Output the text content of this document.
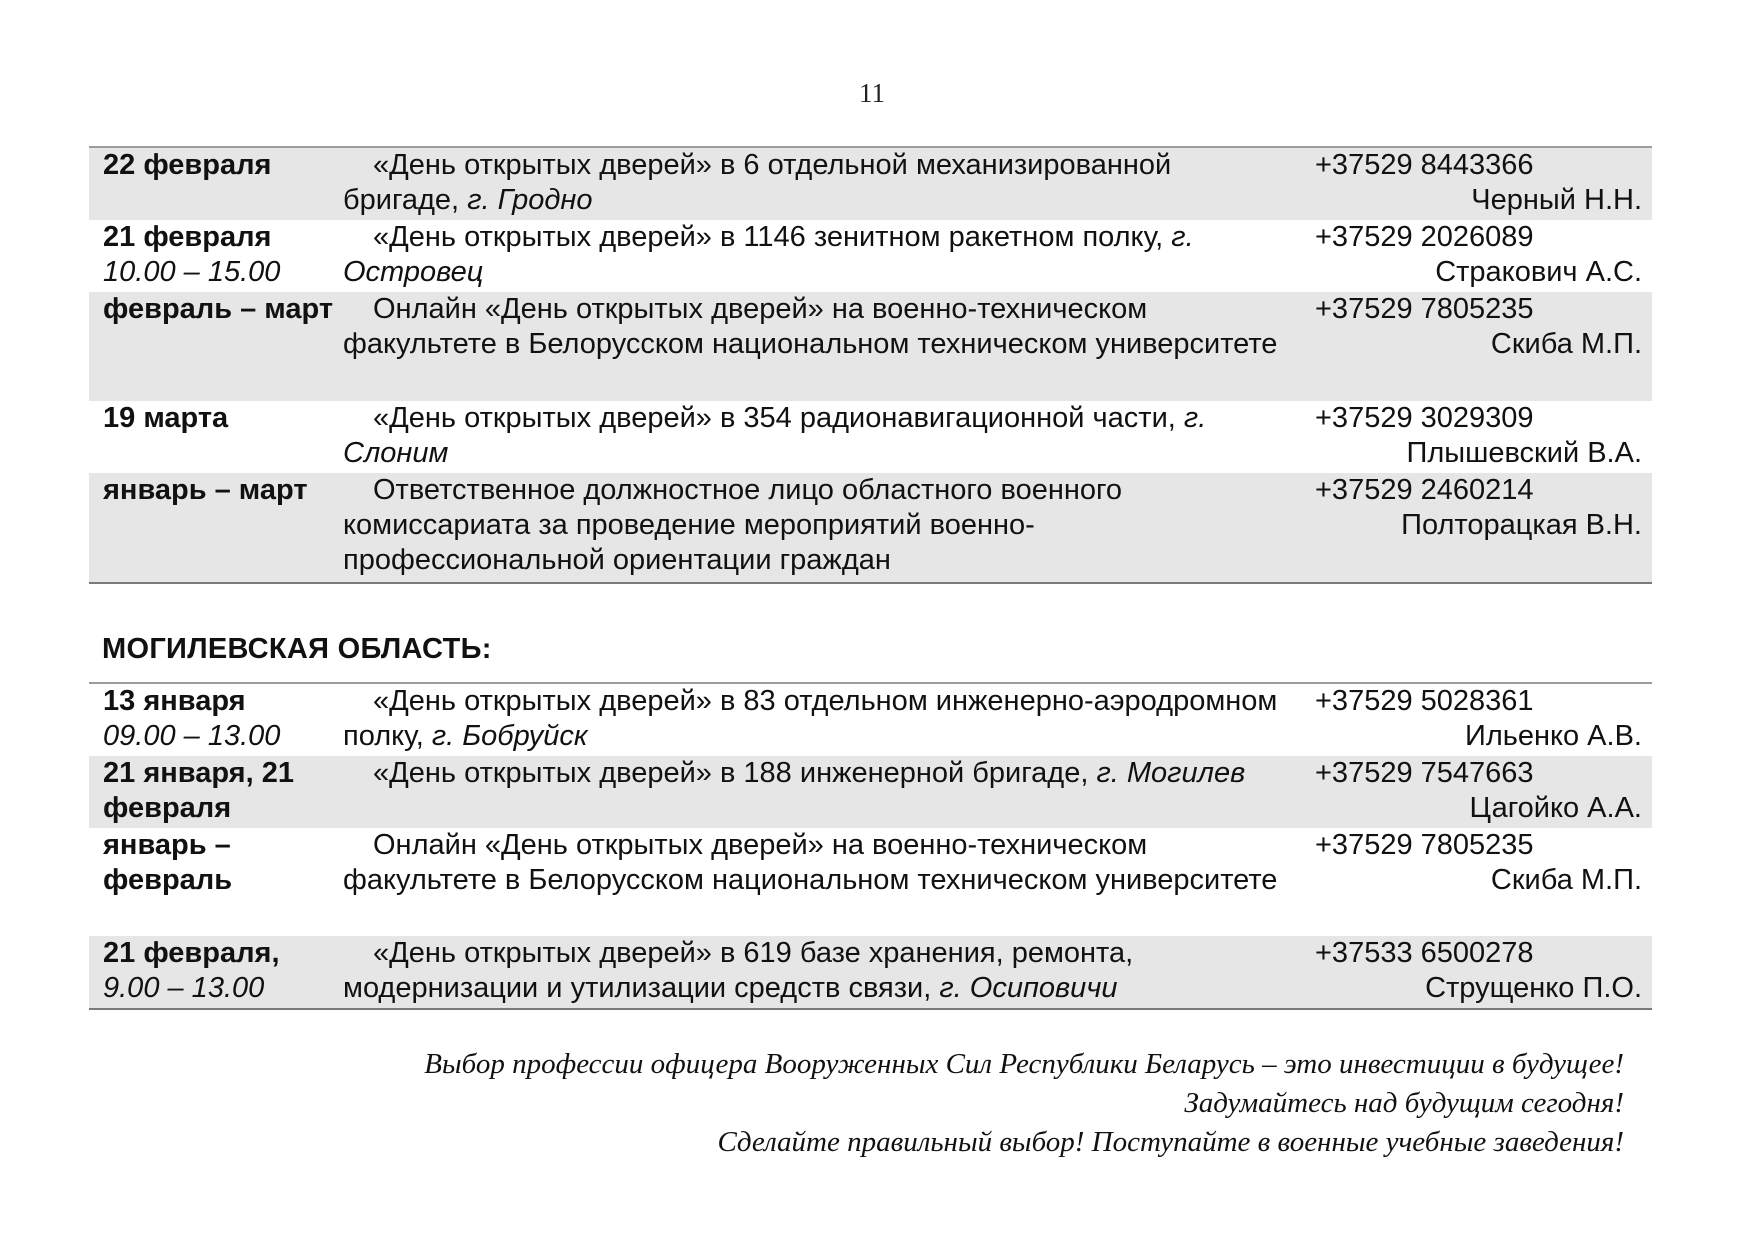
11
22 февраля	«День открытых дверей» в 6 отдельной механизированной бригаде, г. Гродно	+37529 8443366
Черный Н.Н.

21 февраля
10.00 – 15.00	«День открытых дверей» в 1146 зенитном ракетном полку, г. Островец	+37529 2026089
Стракович А.С.

февраль – март	Онлайн «День открытых дверей» на военно-техническом факультете в Белорусском национальном техническом университете	+37529 7805235
Скиба М.П.

19 марта	«День открытых дверей» в 354 радионавигационной части, г. Слоним	+37529 3029309
Плышевский В.А.

январь – март	Ответственное должностное лицо областного военного комиссариата за проведение мероприятий военно-профессиональной ориентации граждан	+37529 2460214
Полторацкая В.Н.
МОГИЛЕВСКАЯ ОБЛАСТЬ:
13 января
09.00 – 13.00	«День открытых дверей» в 83 отдельном инженерно-аэродромном полку, г. Бобруйск	+37529 5028361
Ильенко А.В.

21 января, 21 февраля	«День открытых дверей» в 188 инженерной бригаде, г. Могилев	+37529 7547663
Цагойко А.А.

январь – февраль	Онлайн «День открытых дверей» на военно-техническом факультете в Белорусском национальном техническом университете	+37529 7805235
Скиба М.П.

21 февраля,
9.00 – 13.00	«День открытых дверей» в 619 базе хранения, ремонта, модернизации и утилизации средств связи, г. Осиповичи	+37533 6500278
Струщенко П.О.
Выбор профессии офицера Вооруженных Сил Республики Беларусь – это инвестиции в будущее!
Задумайтесь над будущим сегодня!
Сделайте правильный выбор! Поступайте в военные учебные заведения!
